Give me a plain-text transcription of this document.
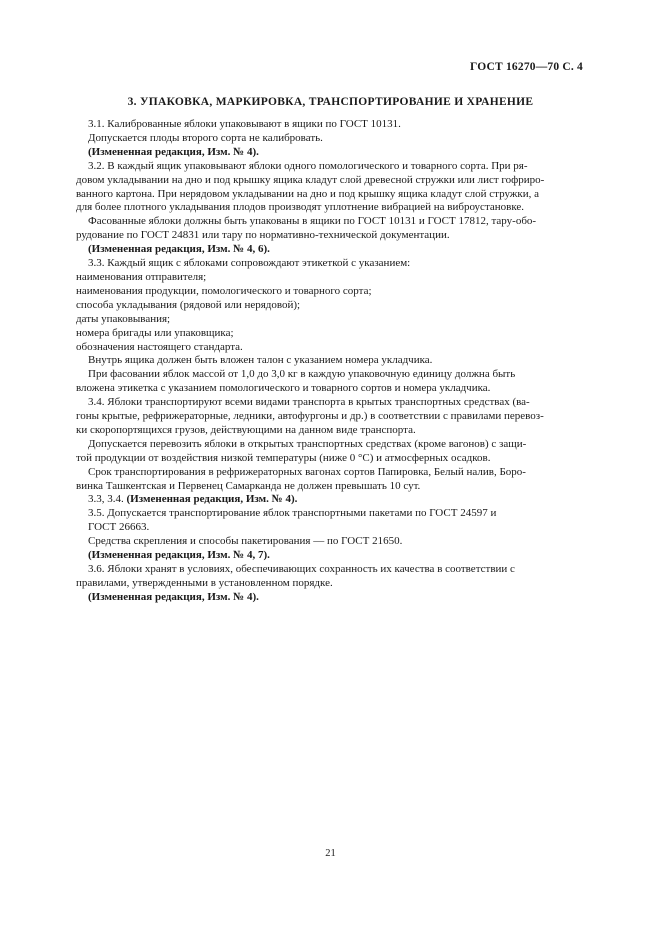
ГОСТ 16270—70 С. 4
3. УПАКОВКА, МАРКИРОВКА, ТРАНСПОРТИРОВАНИЕ И ХРАНЕНИЕ

3.1. Калиброванные яблоки упаковывают в ящики по ГОСТ 10131.

Допускается плоды второго сорта не калибровать.

(Измененная редакция, Изм. № 4).

3.2. В каждый ящик упаковывают яблоки одного помологического и товарного сорта. При ря-

довом укладывании на дно и под крышку ящика кладут слой древесной стружки или лист гофриро-

ванного картона. При нерядовом укладывании на дно и под крышку ящика кладут слой стружки, а

для более плотного укладывания плодов производят уплотнение вибрацией на виброустановке.

Фасованные яблоки должны быть упакованы в ящики по ГОСТ 10131 и ГОСТ 17812, тару-обо-

рудование по ГОСТ 24831 или тару по нормативно-технической документации.

(Измененная редакция, Изм. № 4, 6).

3.3. Каждый ящик с яблоками сопровождают этикеткой с указанием:

наименования отправителя;

наименования продукции, помологического и товарного сорта;

способа укладывания (рядовой или нерядовой);

даты упаковывания;

номера бригады или упаковщика;

обозначения настоящего стандарта.

Внутрь ящика должен быть вложен талон с указанием номера укладчика.

При фасовании яблок массой от 1,0 до 3,0 кг в каждую упаковочную единицу должна быть

вложена этикетка с указанием помологического и товарного сортов и номера укладчика.

3.4. Яблоки транспортируют всеми видами транспорта в крытых транспортных средствах (ва-

гоны крытые, рефрижераторные, ледники, автофургоны и др.) в соответствии с правилами перевоз-

ки скоропортящихся грузов, действующими на данном виде транспорта.

Допускается перевозить яблоки в открытых транспортных средствах (кроме вагонов) с защи-

той продукции от воздействия низкой температуры (ниже 0 °С) и атмосферных осадков.

Срок транспортирования в рефрижераторных вагонах сортов Папировка, Белый налив, Боро-

винка Ташкентская и Первенец Самарканда не должен превышать 10 сут.

3.3, 3.4. (Измененная редакция, Изм. № 4).

3.5. Допускается транспортирование яблок транспортными пакетами по ГОСТ 24597 и

ГОСТ 26663.

Средства скрепления и способы пакетирования — по ГОСТ 21650.

(Измененная редакция, Изм. № 4, 7).

3.6. Яблоки хранят в условиях, обеспечивающих сохранность их качества в соответствии с

правилами, утвержденными в установленном порядке.

(Измененная редакция, Изм. № 4).

21
